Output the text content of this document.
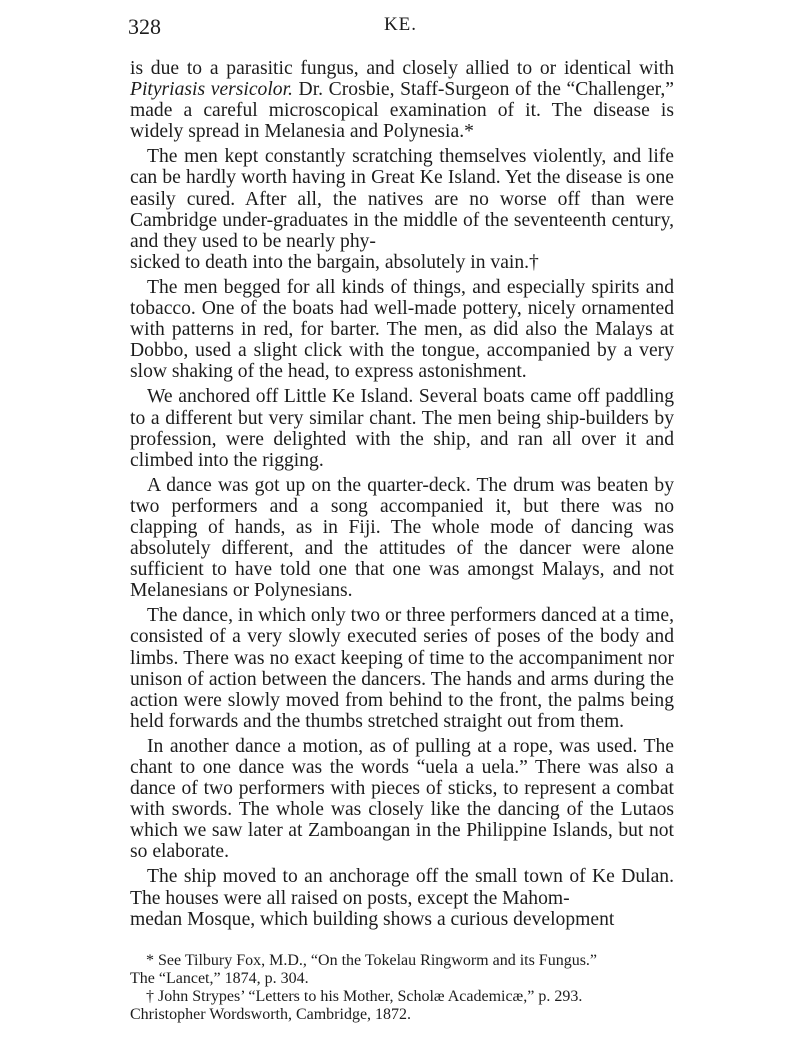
328	KE.

is due to a parasitic fungus, and closely allied to or identical with Pityriasis versicolor. Dr. Crosbie, Staff-Surgeon of the “Challenger,” made a careful microscopical examination of it. The disease is widely spread in Melanesia and Polynesia.*

The men kept constantly scratching themselves violently, and life can be hardly worth having in Great Ke Island. Yet the disease is one easily cured. After all, the natives are no worse off than were Cambridge under-graduates in the middle of the seventeenth century, and they used to be nearly phy-
sicked to death into the bargain, absolutely in vain.†

The men begged for all kinds of things, and especially spirits and tobacco. One of the boats had well-made pottery, nicely ornamented with patterns in red, for barter. The men, as did also the Malays at Dobbo, used a slight click with the tongue, accompanied by a very slow shaking of the head, to express astonishment.

We anchored off Little Ke Island. Several boats came off paddling to a different but very similar chant. The men being ship-builders by profession, were delighted with the ship, and ran all over it and climbed into the rigging.

A dance was got up on the quarter-deck. The drum was beaten by two performers and a song accompanied it, but there was no clapping of hands, as in Fiji. The whole mode of dancing was absolutely different, and the attitudes of the dancer were alone sufficient to have told one that one was amongst Malays, and not Melanesians or Polynesians.

The dance, in which only two or three performers danced at a time, consisted of a very slowly executed series of poses of the body and limbs. There was no exact keeping of time to the accompaniment nor unison of action between the dancers. The hands and arms during the action were slowly moved from behind to the front, the palms being held forwards and the thumbs stretched straight out from them.

In another dance a motion, as of pulling at a rope, was used. The chant to one dance was the words “uela a uela.” There was also a dance of two performers with pieces of sticks, to represent a combat with swords. The whole was closely like the dancing of the Lutaos which we saw later at Zamboangan in the Philippine Islands, but not so elaborate.

The ship moved to an anchorage off the small town of Ke Dulan. The houses were all raised on posts, except the Mahom-
medan Mosque, which building shows a curious development

* See Tilbury Fox, M.D., “On the Tokelau Ringworm and its Fungus.”

The “Lancet,” 1874, p. 304.

† John Strypes’ “Letters to his Mother, Scholæ Academicæ,” p. 293.

Christopher Wordsworth, Cambridge, 1872.
